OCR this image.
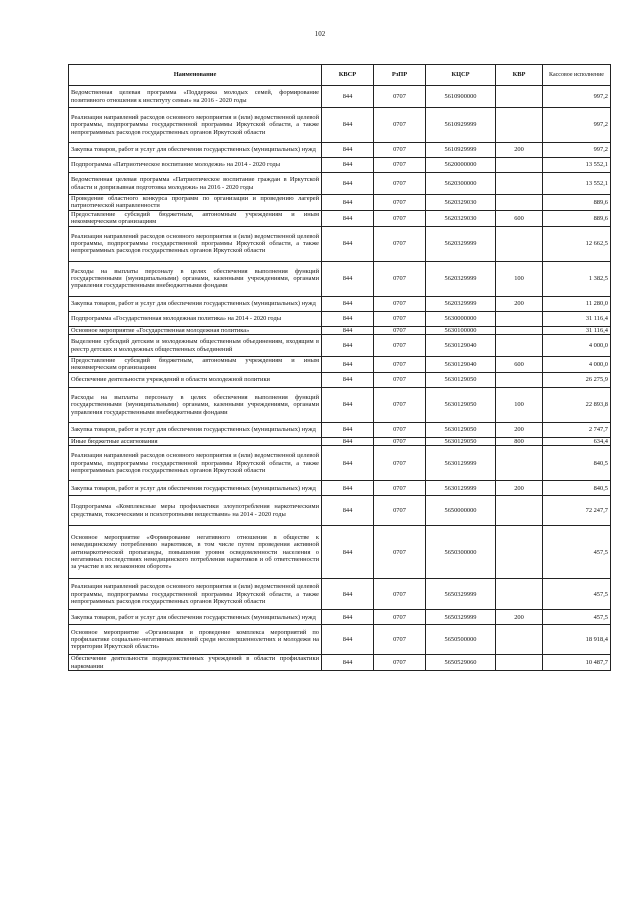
102
Наименование	КВСР	РзПР	КЦСР	КВР	Кассовое исполнение
Ведомственная целевая программа «Поддержка молодых семей, формирование позитивного отношения к институту семьи» на 2016 - 2020 годы	844	0707	5610900000		997,2
Реализация направлений расходов основного мероприятия и (или) ведомственной целевой программы, подпрограммы государственной программы Иркутской области, а также непрограммных расходов государственных органов Иркутской области	844	0707	5610929999		997,2
Закупка товаров, работ и услуг для обеспечения государственных (муниципальных) нужд	844	0707	5610929999	200	997,2
Подпрограмма «Патриотическое воспитание молодежи» на 2014 - 2020 годы	844	0707	5620000000		13 552,1
Ведомственная целевая программа «Патриотическое воспитание граждан в Иркутской области и допризывная подготовка молодежи» на 2016 - 2020 годы	844	0707	5620300000		13 552,1
Проведение областного конкурса программ по организации и проведению лагерей патриотической направленности	844	0707	5620329030		889,6
Предоставление субсидий бюджетным, автономным учреждениям и иным некоммерческим организациям	844	0707	5620329030	600	889,6
Реализация направлений расходов основного мероприятия и (или) ведомственной целевой программы, подпрограммы государственной программы Иркутской области, а также непрограммных расходов государственных органов Иркутской области	844	0707	5620329999		12 662,5
Расходы на выплаты персоналу в целях обеспечения выполнения функций государственными (муниципальными) органами, казенными учреждениями, органами управления государственными внебюджетными фондами	844	0707	5620329999	100	1 382,5
Закупка товаров, работ и услуг для обеспечения государственных (муниципальных) нужд	844	0707	5620329999	200	11 280,0
Подпрограмма «Государственная молодежная политика» на 2014 - 2020 годы	844	0707	5630000000		31 116,4
Основное мероприятие «Государственная молодежная политика»	844	0707	5630100000		31 116,4
Выделение субсидий детским и молодежным общественным объединениям, входящим в реестр детских и молодежных общественных объединений	844	0707	5630129040		4 000,0
Предоставление субсидий бюджетным, автономным учреждениям и иным некоммерческим организациям	844	0707	5630129040	600	4 000,0
Обеспечение деятельности учреждений в области молодежной политики	844	0707	5630129050		26 275,9
Расходы на выплаты персоналу в целях обеспечения выполнения функций государственными (муниципальными) органами, казенными учреждениями, органами управления государственными внебюджетными фондами	844	0707	5630129050	100	22 893,8
Закупка товаров, работ и услуг для обеспечения государственных (муниципальных) нужд	844	0707	5630129050	200	2 747,7
Иные бюджетные ассигнования	844	0707	5630129050	800	634,4
Реализация направлений расходов основного мероприятия и (или) ведомственной целевой программы, подпрограммы государственной программы Иркутской области, а также непрограммных расходов государственных органов Иркутской области	844	0707	5630129999		840,5
Закупка товаров, работ и услуг для обеспечения государственных (муниципальных) нужд	844	0707	5630129999	200	840,5
Подпрограмма «Комплексные меры профилактики злоупотребления наркотическими средствами, токсическими и психотропными веществами» на 2014 - 2020 годы	844	0707	5650000000		72 247,7
Основное мероприятие «Формирование негативного отношения в обществе к немедицинскому потреблению наркотиков, в том числе путем проведения активной антинаркотической пропаганды, повышения уровня осведомленности населения о негативных последствиях немедицинского потребления наркотиков и об ответственности за участие в их незаконном обороте»	844	0707	5650300000		457,5
Реализация направлений расходов основного мероприятия и (или) ведомственной целевой программы, подпрограммы государственной программы Иркутской области, а также непрограммных расходов государственных органов Иркутской области	844	0707	5650329999		457,5
Закупка товаров, работ и услуг для обеспечения государственных (муниципальных) нужд	844	0707	5650329999	200	457,5
Основное мероприятие «Организация и проведение комплекса мероприятий по профилактике социально-негативных явлений среди несовершеннолетних и молодежи на территории Иркутской области»	844	0707	5650500000		18 918,4
Обеспечение деятельности подведомственных учреждений в области профилактики наркомании	844	0707	5650529060		10 487,7
